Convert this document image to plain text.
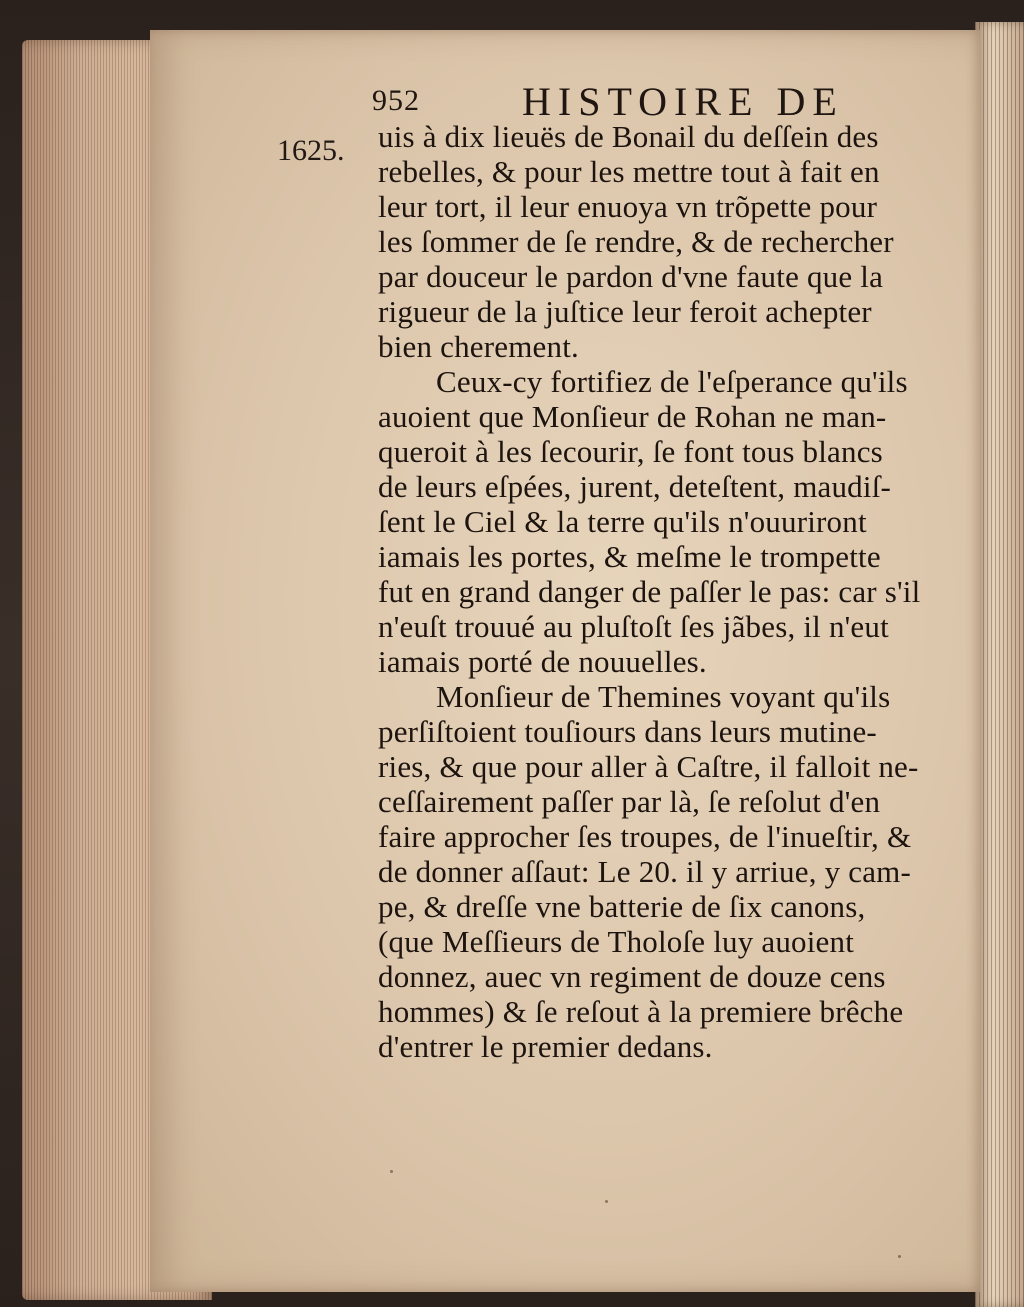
952	HISTOIRE DE
1625. uis à dix lieuës de Bonail du deſſein des
rebelles, & pour les mettre tout à fait en
leur tort, il leur enuoya vn trõpette pour
les ſommer de ſe rendre, & de rechercher
par douceur le pardon d'vne faute que la
rigueur de la juſtice leur feroit achepter
bien cherement.
Ceux-cy fortifiez de l'eſperance qu'ils
auoient que Monſieur de Rohan ne man-
queroit à les ſecourir, ſe font tous blancs
de leurs eſpées, jurent, deteſtent, maudiſ-
ſent le Ciel & la terre qu'ils n'ouuriront
iamais les portes, & meſme le trompette
fut en grand danger de paſſer le pas: car s'il
n'euſt trouué au pluſtoſt ſes jãbes, il n'eut
iamais porté de nouuelles.
Monſieur de Themines voyant qu'ils
perſiſtoient touſiours dans leurs mutine-
ries, & que pour aller à Caſtre, il falloit ne-
ceſſairement paſſer par là, ſe reſolut d'en
faire approcher ſes troupes, de l'inueſtir, &
de donner aſſaut: Le 20. il y arriue, y cam-
pe, & dreſſe vne batterie de ſix canons,
(que Meſſieurs de Tholoſe luy auoient
donnez, auec vn regiment de douze cens
hommes) & ſe reſout à la premiere brêche
d'entrer le premier dedans.
